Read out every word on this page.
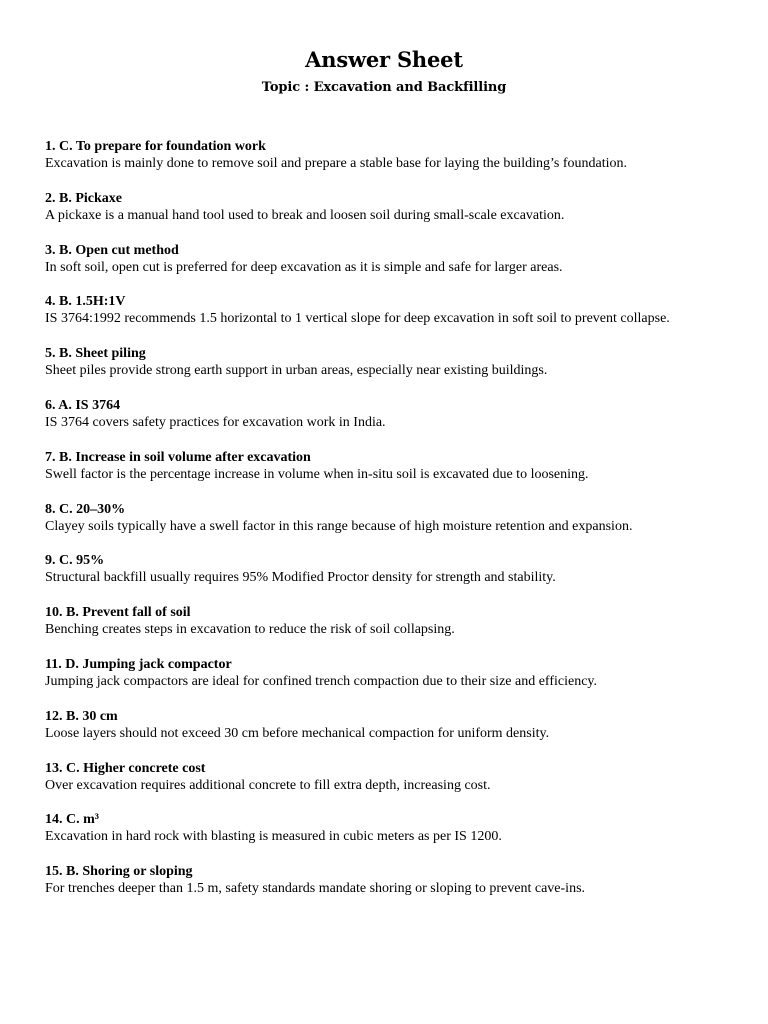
Answer Sheet
Topic : Excavation and Backfilling
1. C. To prepare for foundation work
Excavation is mainly done to remove soil and prepare a stable base for laying the building’s foundation.
2. B. Pickaxe
A pickaxe is a manual hand tool used to break and loosen soil during small-scale excavation.
3. B. Open cut method
In soft soil, open cut is preferred for deep excavation as it is simple and safe for larger areas.
4. B. 1.5H:1V
IS 3764:1992 recommends 1.5 horizontal to 1 vertical slope for deep excavation in soft soil to prevent collapse.
5. B. Sheet piling
Sheet piles provide strong earth support in urban areas, especially near existing buildings.
6. A. IS 3764
IS 3764 covers safety practices for excavation work in India.
7. B. Increase in soil volume after excavation
Swell factor is the percentage increase in volume when in-situ soil is excavated due to loosening.
8. C. 20–30%
Clayey soils typically have a swell factor in this range because of high moisture retention and expansion.
9. C. 95%
Structural backfill usually requires 95% Modified Proctor density for strength and stability.
10. B. Prevent fall of soil
Benching creates steps in excavation to reduce the risk of soil collapsing.
11. D. Jumping jack compactor
Jumping jack compactors are ideal for confined trench compaction due to their size and efficiency.
12. B. 30 cm
Loose layers should not exceed 30 cm before mechanical compaction for uniform density.
13. C. Higher concrete cost
Over excavation requires additional concrete to fill extra depth, increasing cost.
14. C. m³
Excavation in hard rock with blasting is measured in cubic meters as per IS 1200.
15. B. Shoring or sloping
For trenches deeper than 1.5 m, safety standards mandate shoring or sloping to prevent cave-ins.
